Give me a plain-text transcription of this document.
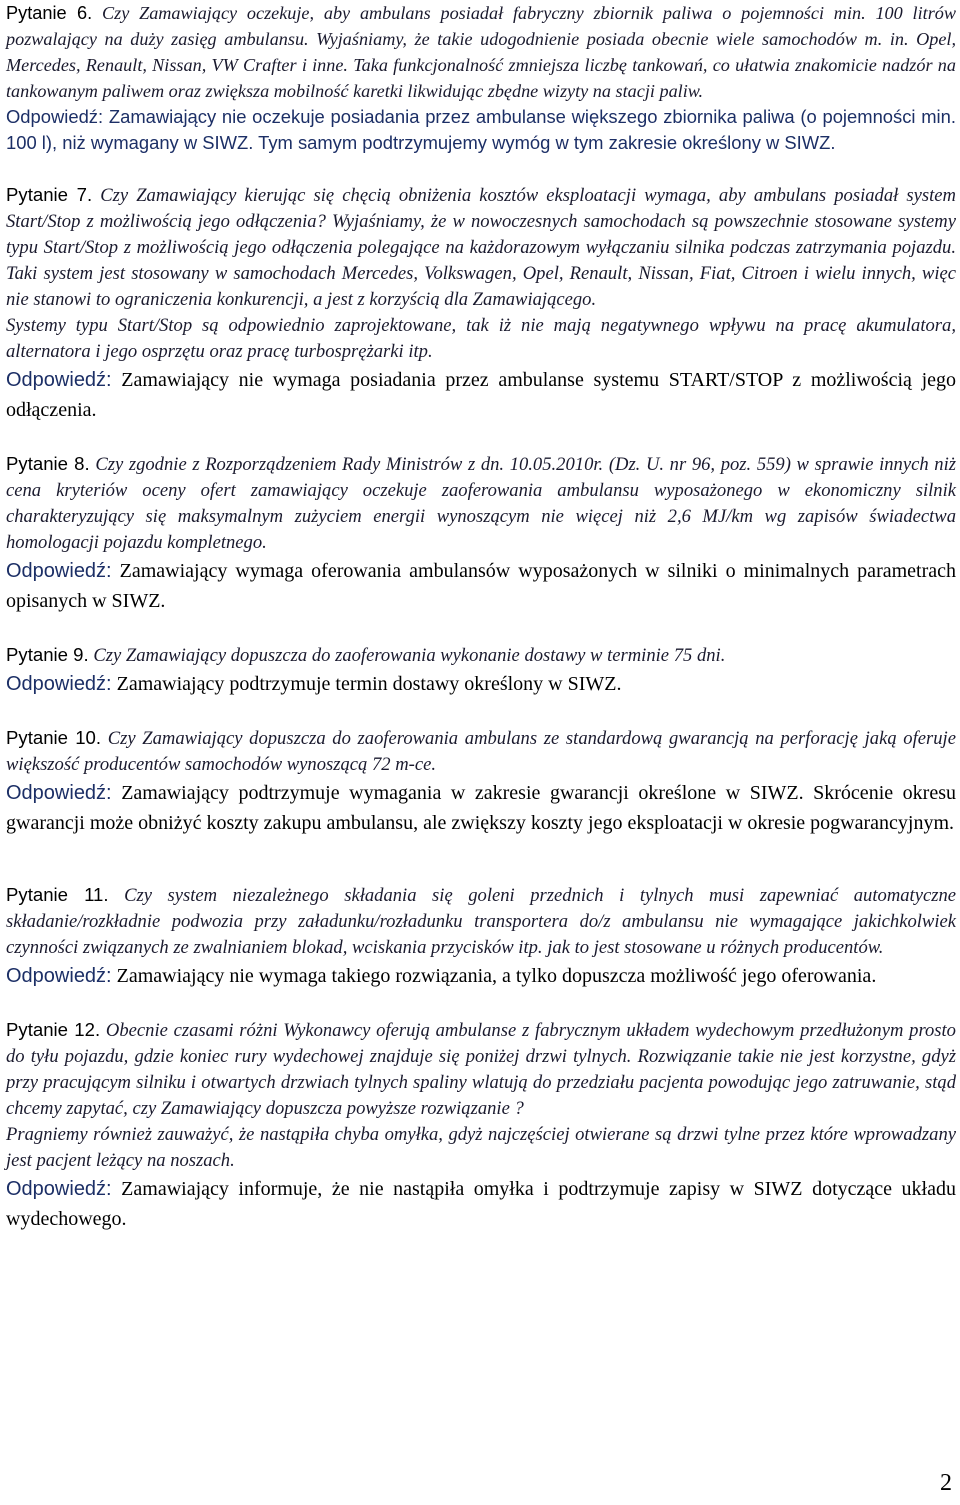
Pytanie 6. Czy Zamawiający oczekuje, aby ambulans posiadał fabryczny zbiornik paliwa o pojemności min. 100 litrów pozwalający na duży zasięg ambulansu. Wyjaśniamy, że takie udogodnienie posiada obecnie wiele samochodów m. in. Opel, Mercedes, Renault, Nissan, VW Crafter i inne. Taka funkcjonalność zmniejsza liczbę tankowań, co ułatwia znakomicie nadzór na tankowanym paliwem oraz zwiększa mobilność karetki likwidując zbędne wizyty na stacji paliw.

Odpowiedź: Zamawiający nie oczekuje posiadania przez ambulanse większego zbiornika paliwa (o pojemności min. 100 l), niż wymagany w SIWZ. Tym samym podtrzymujemy wymóg w tym zakresie określony w SIWZ.

Pytanie 7. Czy Zamawiający kierując się chęcią obniżenia kosztów eksploatacji wymaga, aby ambulans posiadał system Start/Stop z możliwością jego odłączenia? Wyjaśniamy, że w nowoczesnych samochodach są powszechnie stosowane systemy typu Start/Stop z możliwością jego odłączenia polegające na każdorazowym wyłączaniu silnika podczas zatrzymania pojazdu. Taki system jest stosowany w samochodach Mercedes, Volkswagen, Opel, Renault, Nissan, Fiat, Citroen i wielu innych, więc nie stanowi to ograniczenia konkurencji, a jest z korzyścią dla Zamawiającego.

Systemy typu Start/Stop są odpowiednio zaprojektowane, tak iż nie mają negatywnego wpływu na pracę akumulatora, alternatora i jego osprzętu oraz pracę turbosprężarki itp.

Odpowiedź: Zamawiający nie wymaga posiadania przez ambulanse systemu START/STOP z możliwością jego odłączenia.

Pytanie 8. Czy zgodnie z Rozporządzeniem Rady Ministrów z dn. 10.05.2010r. (Dz. U. nr 96, poz. 559) w sprawie innych niż cena kryteriów oceny ofert zamawiający oczekuje zaoferowania ambulansu wyposażonego w ekonomiczny silnik charakteryzujący się maksymalnym zużyciem energii wynoszącym nie więcej niż 2,6 MJ/km wg zapisów świadectwa homologacji pojazdu kompletnego.

Odpowiedź: Zamawiający wymaga oferowania ambulansów wyposażonych w silniki o minimalnych parametrach opisanych w SIWZ.

Pytanie 9. Czy Zamawiający dopuszcza do zaoferowania wykonanie dostawy w terminie 75 dni.

Odpowiedź: Zamawiający podtrzymuje termin dostawy określony w SIWZ.

Pytanie 10. Czy Zamawiający dopuszcza do zaoferowania ambulans ze standardową gwarancją na perforację jaką oferuje większość producentów samochodów wynoszącą 72 m-ce.

Odpowiedź: Zamawiający podtrzymuje wymagania w zakresie gwarancji określone w SIWZ. Skrócenie okresu gwarancji może obniżyć koszty zakupu ambulansu, ale zwiększy koszty jego eksploatacji w okresie pogwarancyjnym.

Pytanie 11. Czy system niezależnego składania się goleni przednich i tylnych musi zapewniać automatyczne składanie/rozkładnie podwozia przy załadunku/rozładunku transportera do/z ambulansu nie wymagające jakichkolwiek czynności związanych ze zwalnianiem blokad, wciskania przycisków itp. jak to jest stosowane u różnych producentów.

Odpowiedź: Zamawiający nie wymaga takiego rozwiązania, a tylko dopuszcza możliwość jego oferowania.

Pytanie 12. Obecnie czasami różni Wykonawcy oferują ambulanse z fabrycznym układem wydechowym przedłużonym prosto do tyłu pojazdu, gdzie koniec rury wydechowej znajduje się poniżej drzwi tylnych. Rozwiązanie takie nie jest korzystne, gdyż przy pracującym silniku i otwartych drzwiach tylnych spaliny wlatują do przedziału pacjenta powodując jego zatruwanie, stąd chcemy zapytać, czy Zamawiający dopuszcza powyższe rozwiązanie ?

Pragniemy również zauważyć, że nastąpiła chyba omyłka, gdyż najczęściej otwierane są drzwi tylne przez które wprowadzany jest pacjent leżący na noszach.

Odpowiedź: Zamawiający informuje, że nie nastąpiła omyłka i podtrzymuje zapisy w SIWZ dotyczące układu wydechowego.

2
